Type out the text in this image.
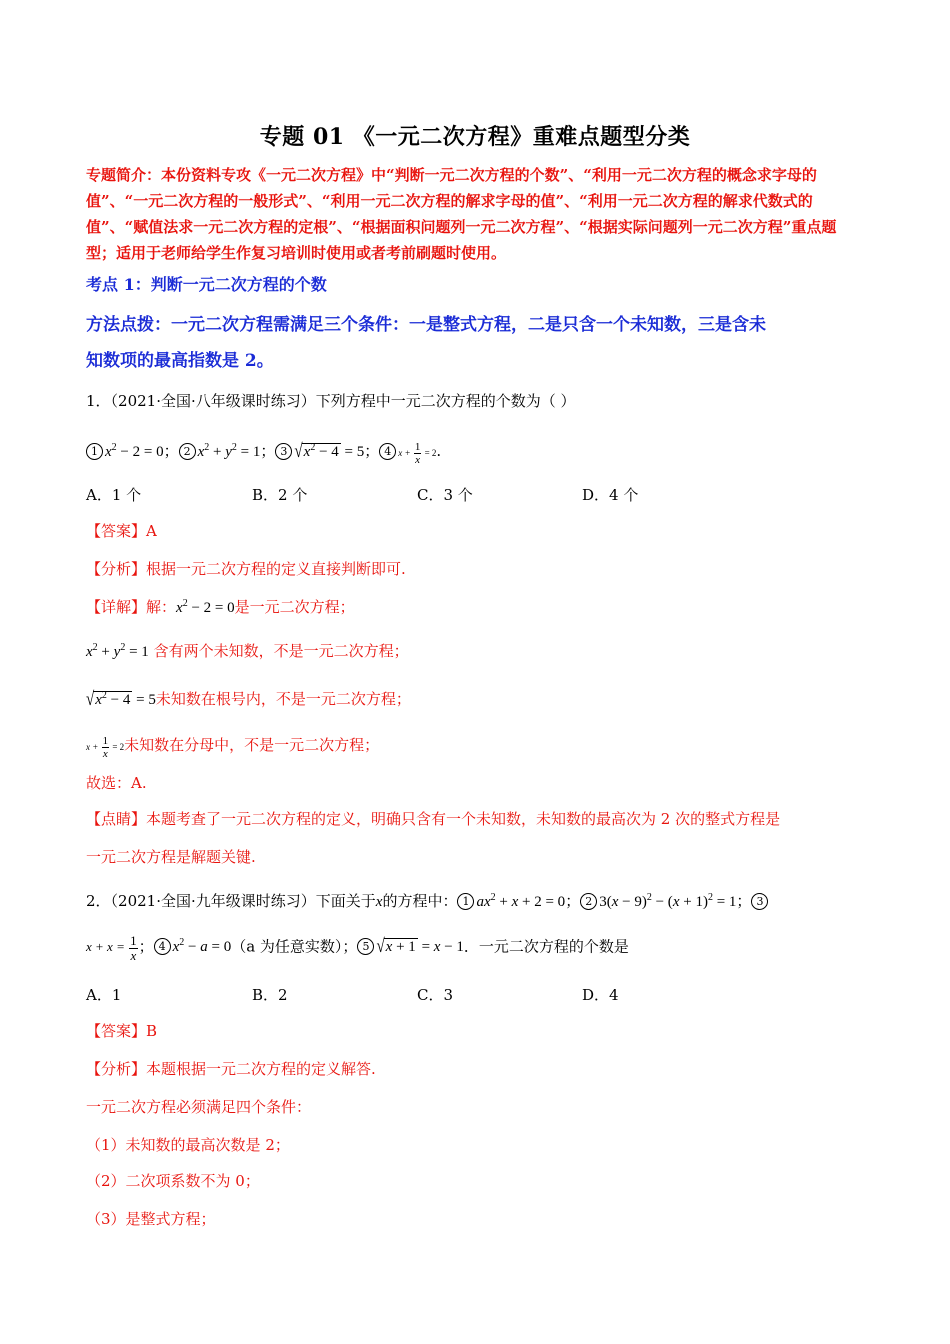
专题 01 《一元二次方程》重难点题型分类
专题简介：本份资料专攻《一元二次方程》中“判断一元二次方程的个数”、“利用一元二次方程的概念求字母的值”、“一元二次方程的一般形式”、“利用一元二次方程的解求字母的值”、“利用一元二次方程的解求代数式的值”、“赋值法求一元二次方程的定根”、“根据面积问题列一元二次方程”、“根据实际问题列一元二次方程”重点题型；适用于老师给学生作复习培训时使用或者考前刷题时使用。
考点 1：判断一元二次方程的个数
方法点拨：一元二次方程需满足三个条件：一是整式方程，二是只含一个未知数，三是含未
知数项的最高指数是 2。
1．（2021·全国·八年级课时练习）下列方程中一元二次方程的个数为（ ）
1 $x^2 - 2 = 0$； 2 $x^2 + y^2 = 1$； 3 $√x^2 - 4 = 5$； 4 $x + \frac{1}{x} = 2$.
A．1 个	B．2 个	C．3 个	D．4 个
【答案】A
【分析】根据一元二次方程的定义直接判断即可.
【详解】解：$x^2 - 2 = 0$是一元二次方程；
$x^2 + y^2 = 1$ 含有两个未知数，不是一元二次方程；
$√x^2 - 4 = 5$未知数在根号内，不是一元二次方程；
$x + \frac{1}{x} = 2$未知数在分母中，不是一元二次方程；
故选：A.
【点睛】本题考查了一元二次方程的定义，明确只含有一个未知数，未知数的最高次为 2 次的整式方程是
一元二次方程是解题关键.
2．（2021·全国·九年级课时练习）下面关于x的方程中： 1 $ax^2 + x + 2 = 0$； 2 $3(x - 9)^2 - (x + 1)^2 = 1$； 3
$x + x = \frac{1}{x}$ ； 4 $x^2 - a = 0(a$ 为任意实数）； 5 √x + 1 = x − 1．一元二次方程的个数是
A．1	B．2	C．3	D．4
【答案】B
【分析】本题根据一元二次方程的定义解答.
一元二次方程必须满足四个条件：
（1）未知数的最高次数是 2；
（2）二次项系数不为 0；
（3）是整式方程；
